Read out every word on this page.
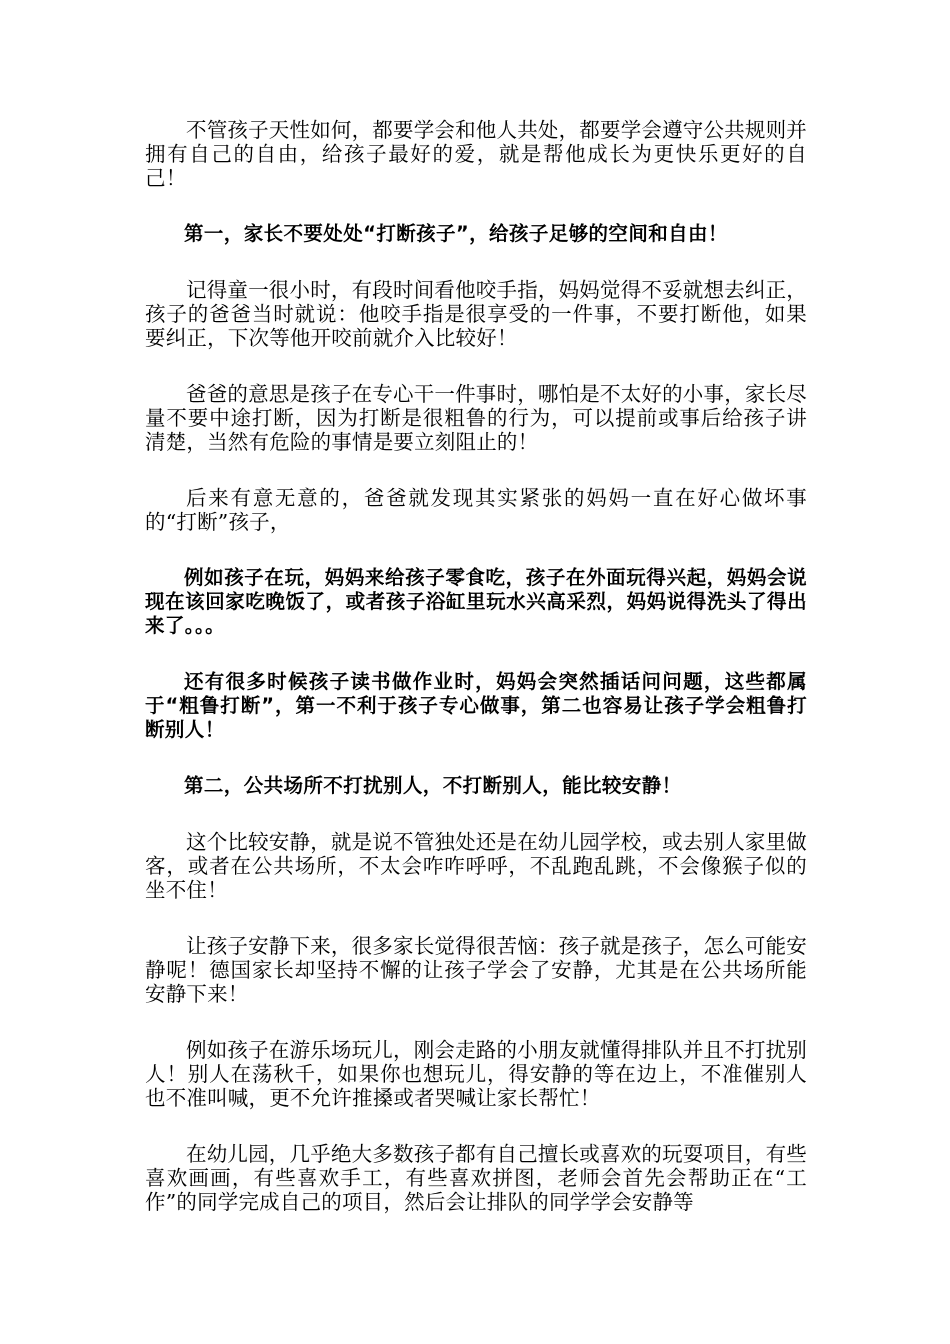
不管孩子天性如何，都要学会和他人共处，都要学会遵守公共规则并拥有自己的自由，给孩子最好的爱，就是帮他成长为更快乐更好的自己！

第一，家长不要处处“打断孩子”，给孩子足够的空间和自由！

记得童一很小时，有段时间看他咬手指，妈妈觉得不妥就想去纠正，孩子的爸爸当时就说：他咬手指是很享受的一件事，不要打断他，如果要纠正，下次等他开咬前就介入比较好！

爸爸的意思是孩子在专心干一件事时，哪怕是不太好的小事，家长尽量不要中途打断，因为打断是很粗鲁的行为，可以提前或事后给孩子讲清楚，当然有危险的事情是要立刻阻止的！

后来有意无意的，爸爸就发现其实紧张的妈妈一直在好心做坏事的“打断”孩子，

例如孩子在玩，妈妈来给孩子零食吃，孩子在外面玩得兴起，妈妈会说现在该回家吃晚饭了，或者孩子浴缸里玩水兴高采烈，妈妈说得洗头了得出来了。。。

还有很多时候孩子读书做作业时，妈妈会突然插话问问题，这些都属于“粗鲁打断”，第一不利于孩子专心做事，第二也容易让孩子学会粗鲁打断别人！

第二，公共场所不打扰别人，不打断别人，能比较安静！

这个比较安静，就是说不管独处还是在幼儿园学校，或去别人家里做客，或者在公共场所，不太会咋咋呼呼，不乱跑乱跳，不会像猴子似的坐不住！

让孩子安静下来，很多家长觉得很苦恼：孩子就是孩子，怎么可能安静呢！德国家长却坚持不懈的让孩子学会了安静，尤其是在公共场所能安静下来！

例如孩子在游乐场玩儿，刚会走路的小朋友就懂得排队并且不打扰别人！别人在荡秋千，如果你也想玩儿，得安静的等在边上，不准催别人也不准叫喊，更不允许推搡或者哭喊让家长帮忙！

在幼儿园，几乎绝大多数孩子都有自己擅长或喜欢的玩耍项目，有些喜欢画画，有些喜欢手工，有些喜欢拼图，老师会首先会帮助正在“工作”的同学完成自己的项目，然后会让排队的同学学会安静等
